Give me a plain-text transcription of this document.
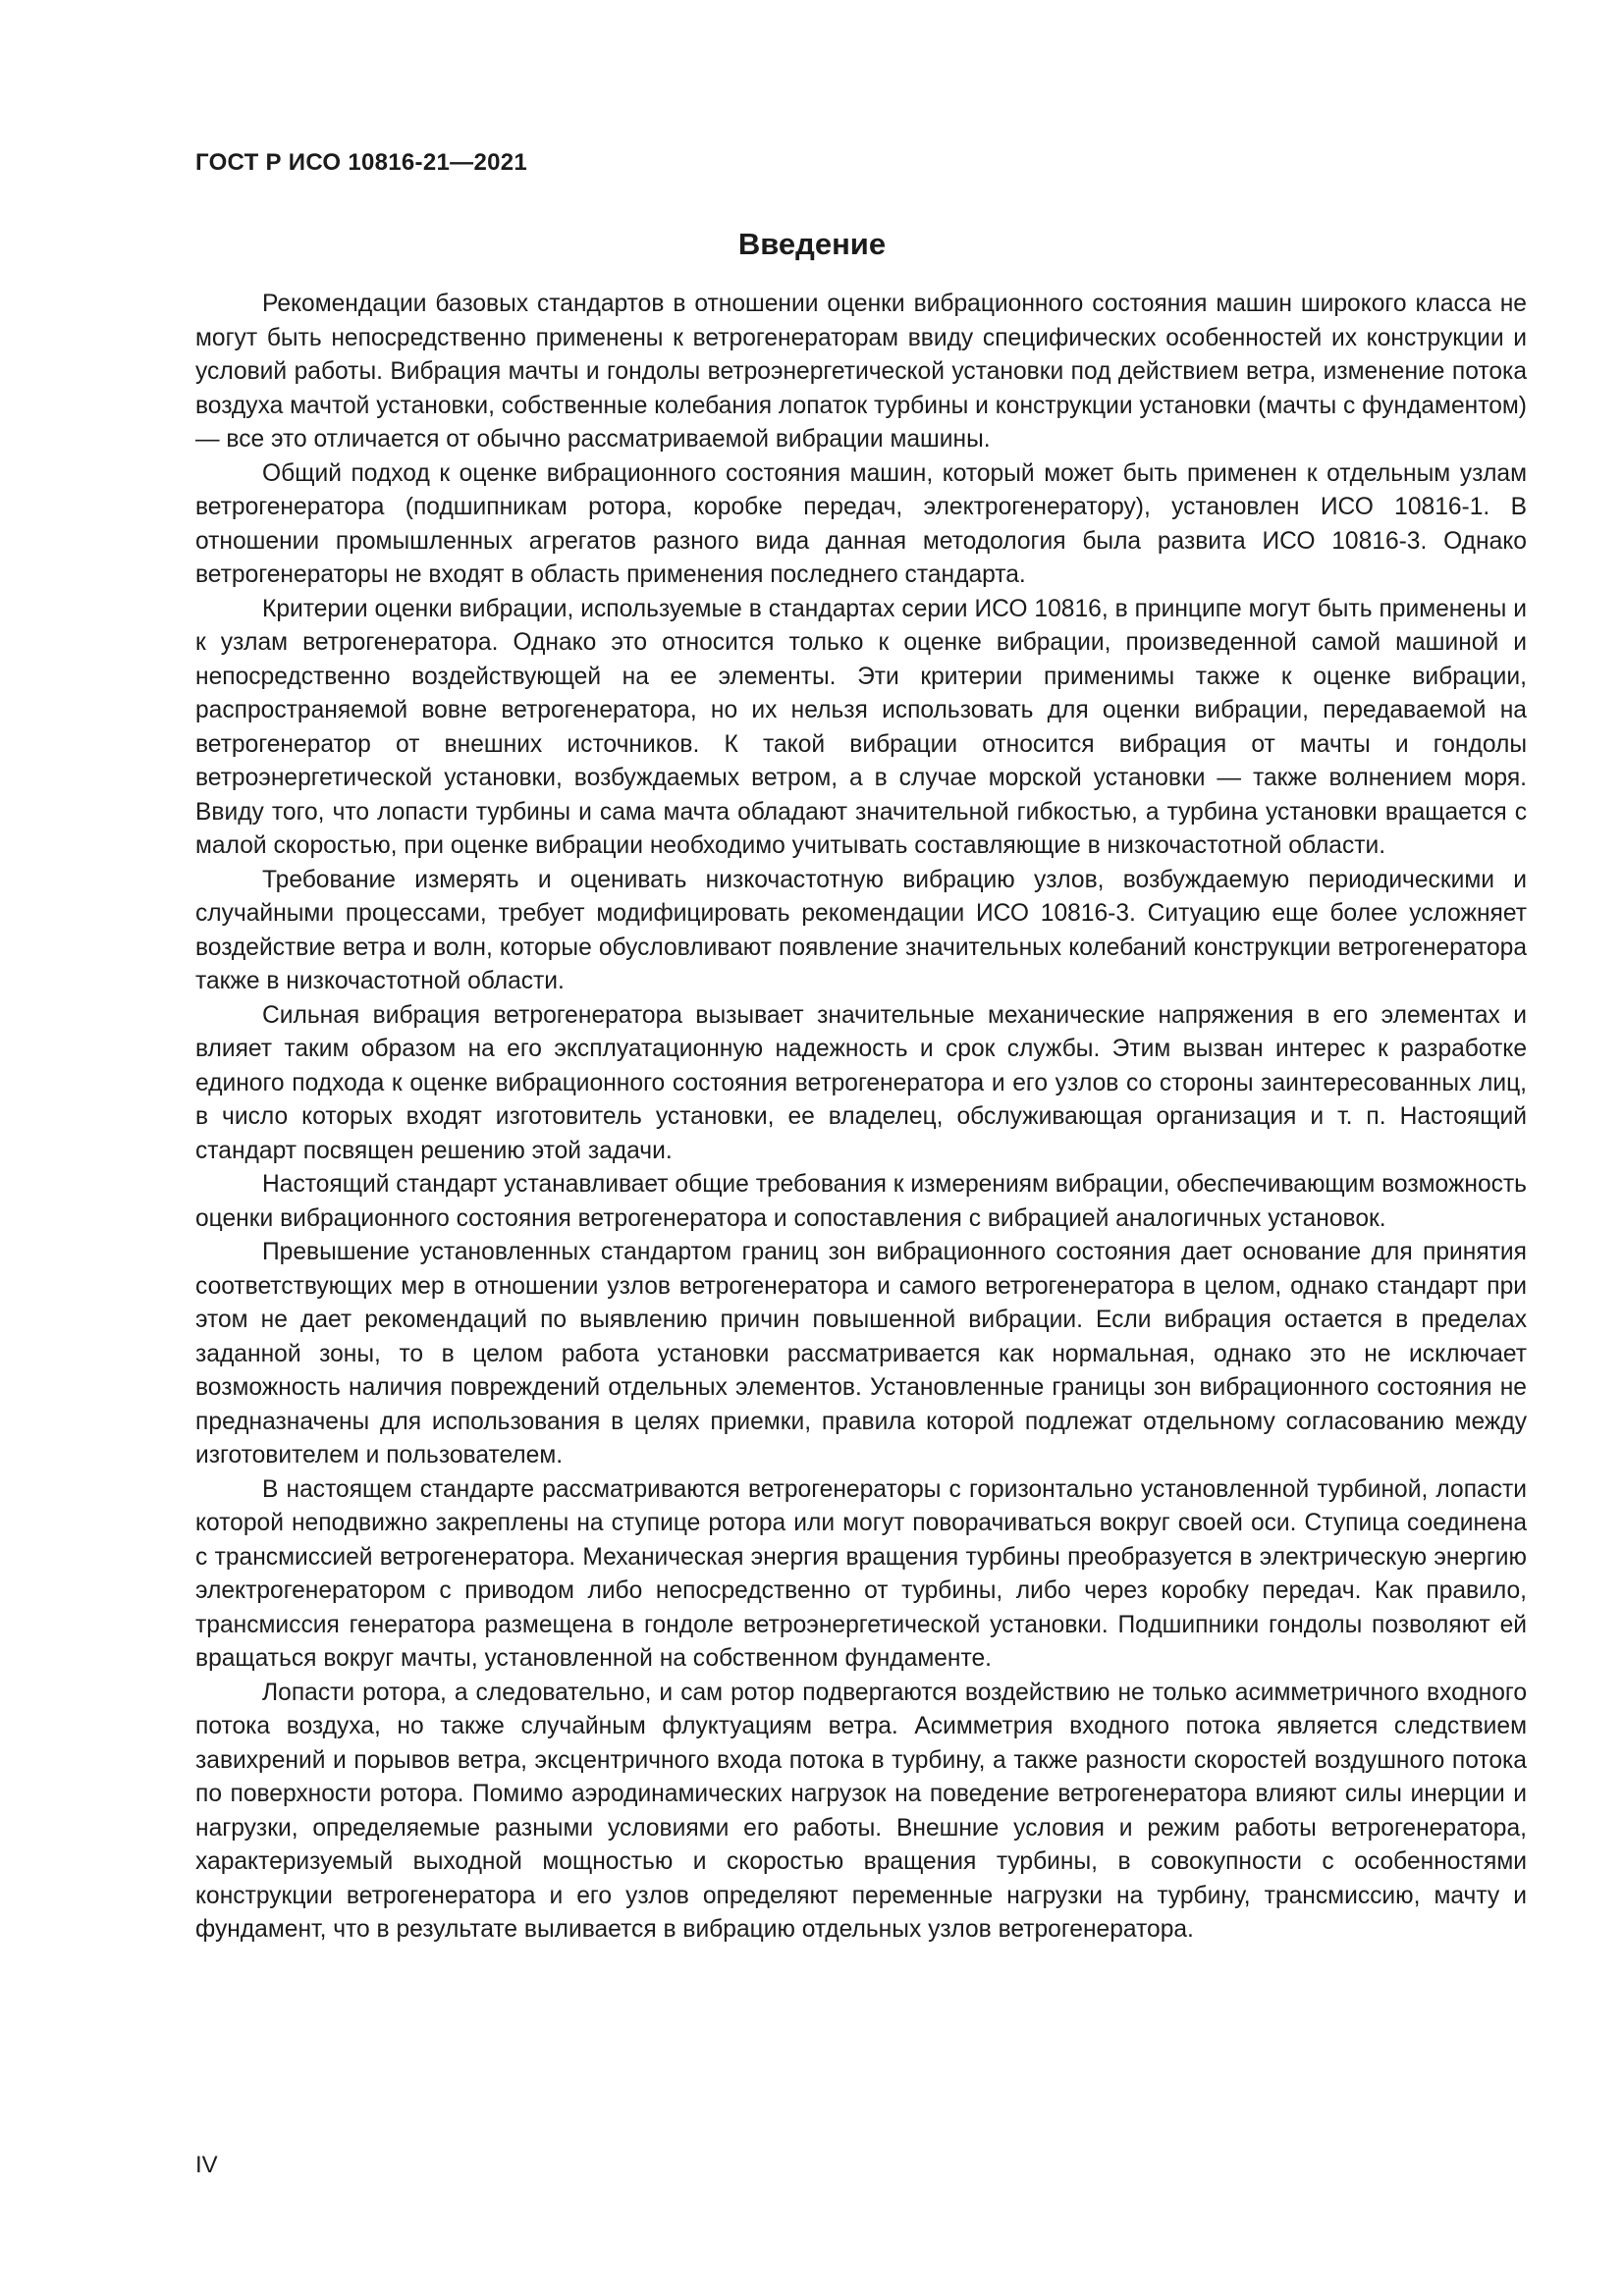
ГОСТ Р ИСО 10816-21—2021
Введение

Рекомендации базовых стандартов в отношении оценки вибрационного состояния машин широкого класса не могут быть непосредственно применены к ветрогенераторам ввиду специфических особенностей их конструкции и условий работы. Вибрация мачты и гондолы ветроэнергетической установки под действием ветра, изменение потока воздуха мачтой установки, собственные колебания лопаток турбины и конструкции установки (мачты с фундаментом) — все это отличается от обычно рассматриваемой вибрации машины.

Общий подход к оценке вибрационного состояния машин, который может быть применен к отдельным узлам ветрогенератора (подшипникам ротора, коробке передач, электрогенератору), установлен ИСО 10816-1. В отношении промышленных агрегатов разного вида данная методология была развита ИСО 10816-3. Однако ветрогенераторы не входят в область применения последнего стандарта.

Критерии оценки вибрации, используемые в стандартах серии ИСО 10816, в принципе могут быть применены и к узлам ветрогенератора. Однако это относится только к оценке вибрации, произведенной самой машиной и непосредственно воздействующей на ее элементы. Эти критерии применимы также к оценке вибрации, распространяемой вовне ветрогенератора, но их нельзя использовать для оценки вибрации, передаваемой на ветрогенератор от внешних источников. К такой вибрации относится вибрация от мачты и гондолы ветроэнергетической установки, возбуждаемых ветром, а в случае морской установки — также волнением моря. Ввиду того, что лопасти турбины и сама мачта обладают значительной гибкостью, а турбина установки вращается с малой скоростью, при оценке вибрации необходимо учитывать составляющие в низкочастотной области.

Требование измерять и оценивать низкочастотную вибрацию узлов, возбуждаемую периодическими и случайными процессами, требует модифицировать рекомендации ИСО 10816-3. Ситуацию еще более усложняет воздействие ветра и волн, которые обусловливают появление значительных колебаний конструкции ветрогенератора также в низкочастотной области.

Сильная вибрация ветрогенератора вызывает значительные механические напряжения в его элементах и влияет таким образом на его эксплуатационную надежность и срок службы. Этим вызван интерес к разработке единого подхода к оценке вибрационного состояния ветрогенератора и его узлов со стороны заинтересованных лиц, в число которых входят изготовитель установки, ее владелец, обслуживающая организация и т. п. Настоящий стандарт посвящен решению этой задачи.

Настоящий стандарт устанавливает общие требования к измерениям вибрации, обеспечивающим возможность оценки вибрационного состояния ветрогенератора и сопоставления с вибрацией аналогичных установок.

Превышение установленных стандартом границ зон вибрационного состояния дает основание для принятия соответствующих мер в отношении узлов ветрогенератора и самого ветрогенератора в целом, однако стандарт при этом не дает рекомендаций по выявлению причин повышенной вибрации. Если вибрация остается в пределах заданной зоны, то в целом работа установки рассматривается как нормальная, однако это не исключает возможность наличия повреждений отдельных элементов. Установленные границы зон вибрационного состояния не предназначены для использования в целях приемки, правила которой подлежат отдельному согласованию между изготовителем и пользователем.

В настоящем стандарте рассматриваются ветрогенераторы с горизонтально установленной турбиной, лопасти которой неподвижно закреплены на ступице ротора или могут поворачиваться вокруг своей оси. Ступица соединена с трансмиссией ветрогенератора. Механическая энергия вращения турбины преобразуется в электрическую энергию электрогенератором с приводом либо непосредственно от турбины, либо через коробку передач. Как правило, трансмиссия генератора размещена в гондоле ветроэнергетической установки. Подшипники гондолы позволяют ей вращаться вокруг мачты, установленной на собственном фундаменте.

Лопасти ротора, а следовательно, и сам ротор подвергаются воздействию не только асимметричного входного потока воздуха, но также случайным флуктуациям ветра. Асимметрия входного потока является следствием завихрений и порывов ветра, эксцентричного входа потока в турбину, а также разности скоростей воздушного потока по поверхности ротора. Помимо аэродинамических нагрузок на поведение ветрогенератора влияют силы инерции и нагрузки, определяемые разными условиями его работы. Внешние условия и режим работы ветрогенератора, характеризуемый выходной мощностью и скоростью вращения турбины, в совокупности с особенностями конструкции ветрогенератора и его узлов определяют переменные нагрузки на турбину, трансмиссию, мачту и фундамент, что в результате выливается в вибрацию отдельных узлов ветрогенератора.

IV
